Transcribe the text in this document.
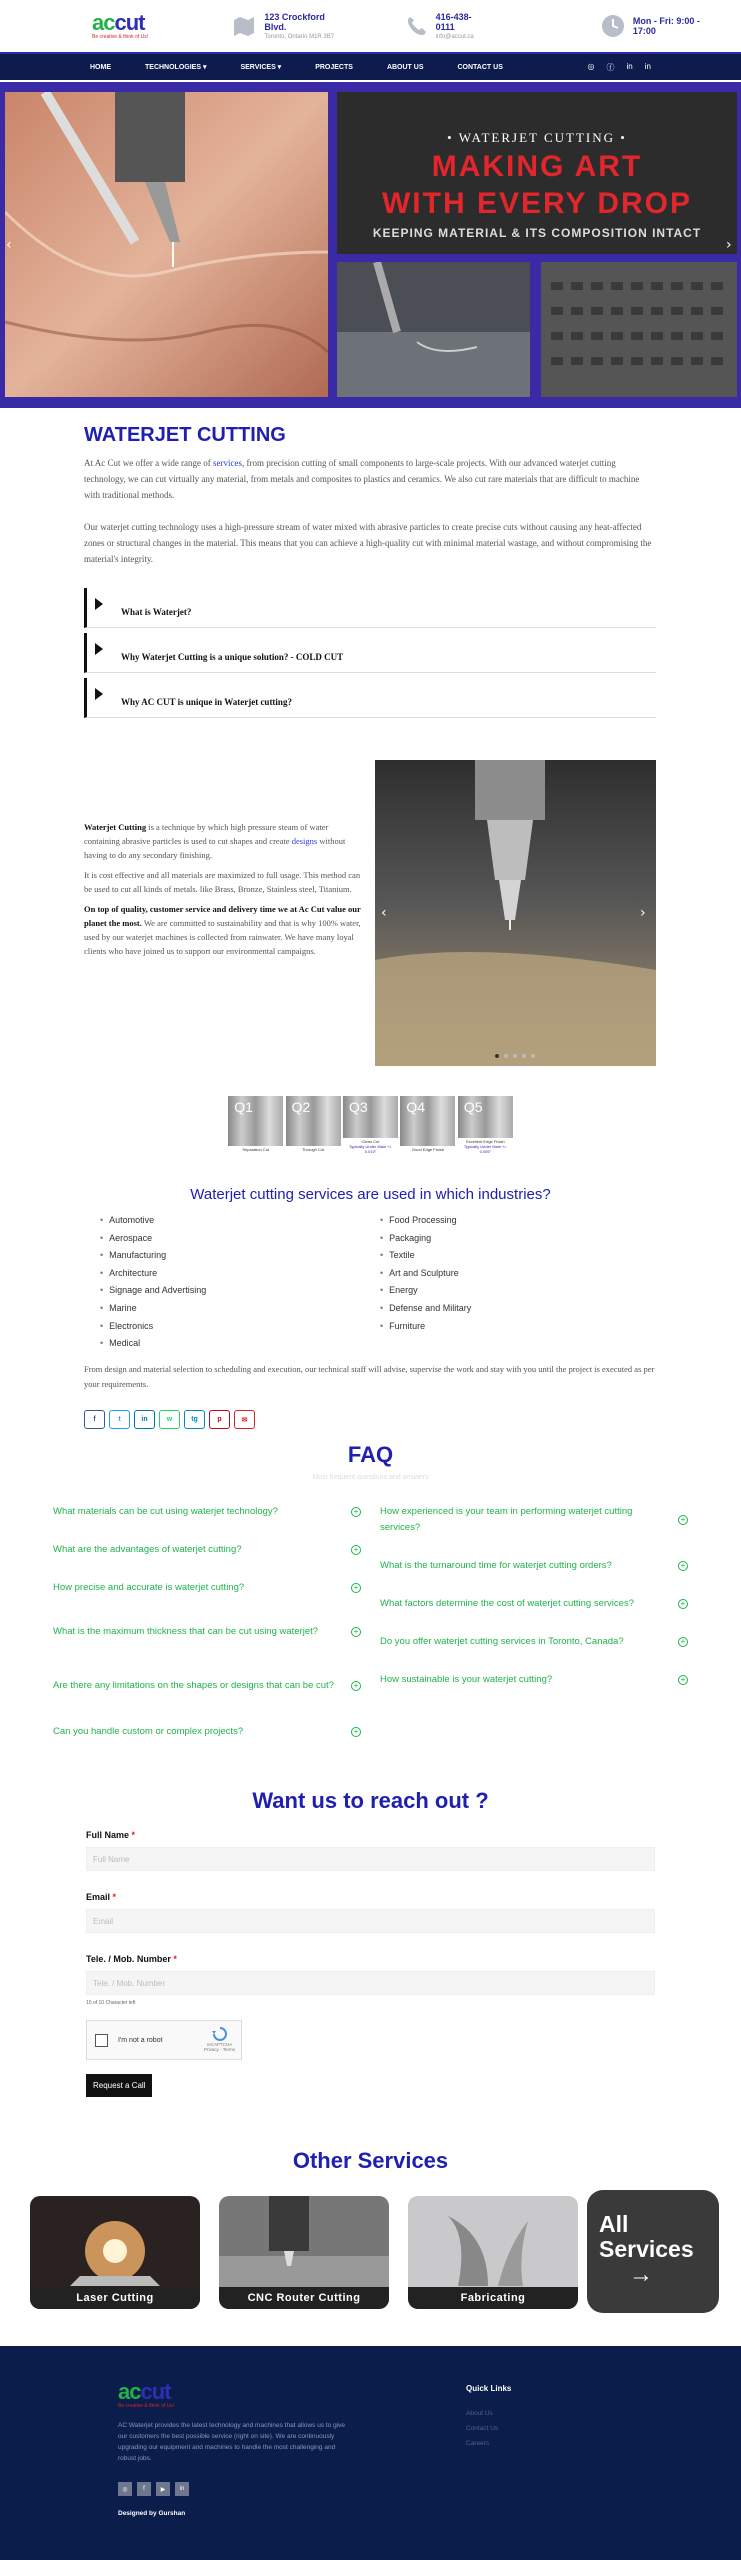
accut
Be creative & think of Us!
123 Crockford Blvd.
Toronto, Ontario M1R 3B7
416-438-0111
info@accut.ca
Mon - Fri: 9:00 - 17:00
HOME	TECHNOLOGIES ▾	SERVICES ▾	PROJECTS	ABOUT US	CONTACT US	◎ ⓕ in in
• WATERJET CUTTING •
MAKING ART
WITH EVERY DROP
KEEPING MATERIAL & ITS COMPOSITION INTACT
‹	›
WATERJET CUTTING

At Ac Cut we offer a wide range of services, from precision cutting of small components to large-scale projects. With our advanced waterjet cutting technology, we can cut virtually any material, from metals and composites to plastics and ceramics. We also cut rare materials that are difficult to machine with traditional methods.

Our waterjet cutting technology uses a high-pressure stream of water mixed with abrasive particles to create precise cuts without causing any heat-affected zones or structural changes in the material. This means that you can achieve a high-quality cut with minimal material wastage, and without compromising the material's integrity.

What is Waterjet?
Why Waterjet Cutting is a unique solution? - COLD CUT
Why AC CUT is unique in Waterjet cutting?

Waterjet Cutting is a technique by which high pressure steam of water containing abrasive particles is used to cut shapes and create designs without having to do any secondary finishing.

It is cost effective and all materials are maximized to full usage. This method can be used to cut all kinds of metals. like Brass, Bronze, Stainless steel, Titanium.

On top of quality, customer service and delivery time we at Ac Cut value our planet the most. We are committed to sustainability and that is why 100% water, used by our waterjet machines is collected from rainwater. We have many loyal clients who have joined us to support our environmental campaigns.

‹	›
Q1
Separation Cut
Q2
Through Cut
Q3
Clean Cut
Typically Under Main +/- 0.010"
Q4
Good Edge Finish
Q5
Excellent Edge Finish
Typically Under Main +/- 0.005"
Waterjet cutting services are used in which industries?
• Automotive
• Aerospace
• Manufacturing
• Architecture
• Signage and Advertising
• Marine
• Electronics
• Medical
• Food Processing
• Packaging
• Textile
• Art and Sculpture
• Energy
• Defense and Military
• Furniture

From design and material selection to scheduling and execution, our technical staff will advise, supervise the work and stay with you until the project is executed as per your requirements.

f	t	in	w	tg	p	✉
FAQ
Most frequent questions and answers
What materials can be cut using waterjet technology?	+
What are the advantages of waterjet cutting?	+
How precise and accurate is waterjet cutting?	+
What is the maximum thickness that can be cut using waterjet?	+
Are there any limitations on the shapes or designs that can be cut?	+
Can you handle custom or complex projects?	+
How experienced is your team in performing waterjet cutting services?
+
What is the turnaround time for waterjet cutting orders?	+
What factors determine the cost of waterjet cutting services?	+
Do you offer waterjet cutting services in Toronto, Canada?	+
How sustainable is your waterjet cutting?	+
Want us to reach out ?
Full Name *
Full Name
Email *
Email
Tele. / Mob. Number *
Tele. / Mob. Number
10 of 10 Character left
I'm not a robot
reCAPTCHA
Privacy - Terms
Request a Call
Other Services
Laser Cutting	CNC Router Cutting	Fabricating
All
Services
→
accut
Be creative & think of Us!
AC Waterjet provides the latest technology and machines that allows us to give our customers the best possible service (right on site). We are continuously upgrading our equipment and machines to handle the most challenging and robust jobs.
◎	f	▶	in
Designed by Gurshan
Quick Links
About Us
Contact Us
Careers
